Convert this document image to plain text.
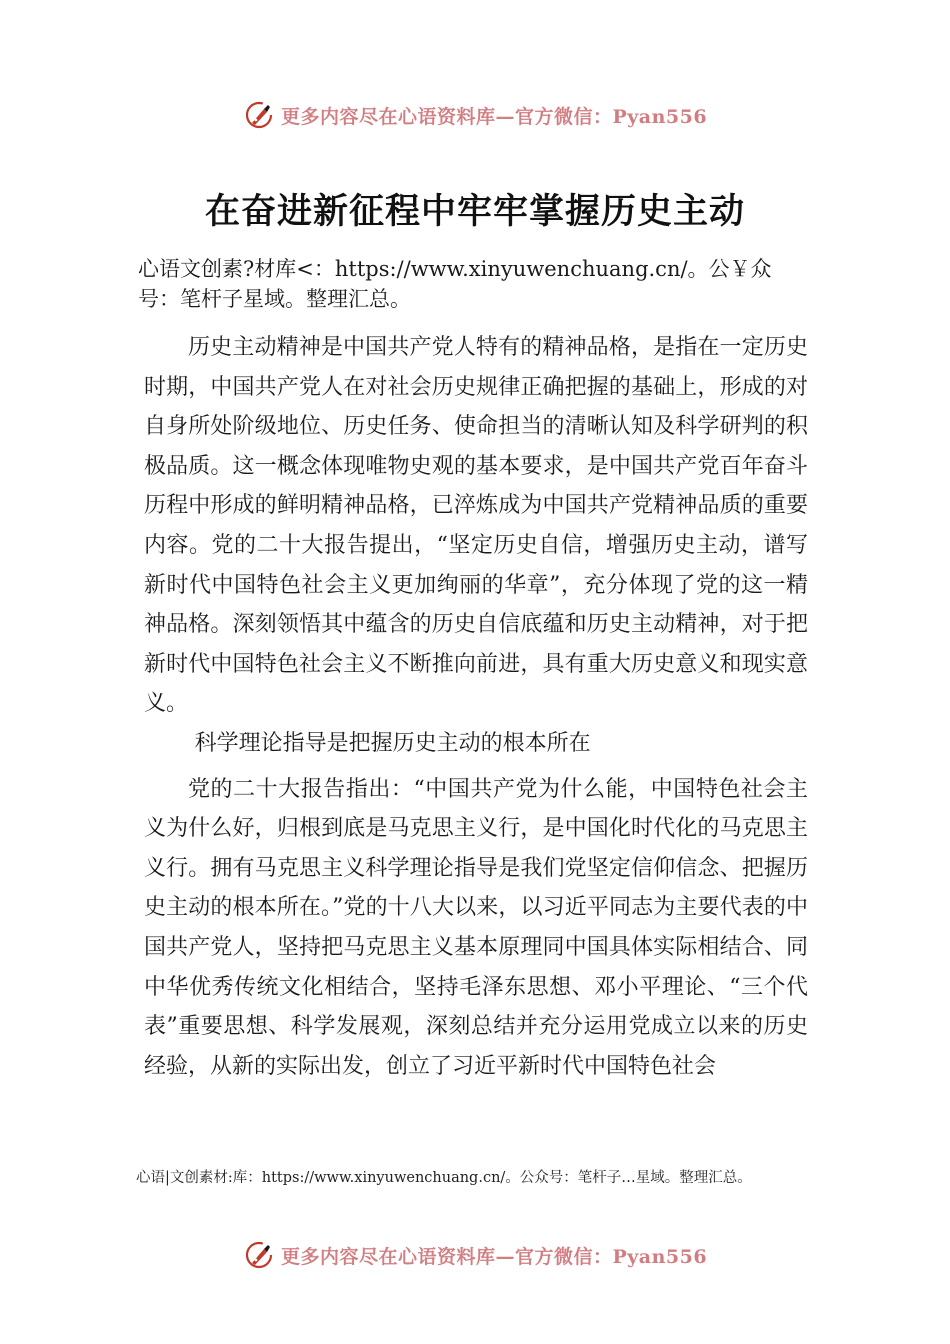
更多内容尽在心语资料库—官方微信：Pyan556
在奋进新征程中牢牢掌握历史主动

心语文创素?材库<：https://www.xinyuwenchuang.cn/。公￥众号：笔杆子星域。整理汇总。

历史主动精神是中国共产党人特有的精神品格，是指在一定历史时期，中国共产党人在对社会历史规律正确把握的基础上，形成的对自身所处阶级地位、历史任务、使命担当的清晰认知及科学研判的积极品质。这一概念体现唯物史观的基本要求，是中国共产党百年奋斗历程中形成的鲜明精神品格，已淬炼成为中国共产党精神品质的重要内容。党的二十大报告提出，“坚定历史自信，增强历史主动，谱写新时代中国特色社会主义更加绚丽的华章”，充分体现了党的这一精神品格。深刻领悟其中蕴含的历史自信底蕴和历史主动精神，对于把新时代中国特色社会主义不断推向前进，具有重大历史意义和现实意义。

科学理论指导是把握历史主动的根本所在

党的二十大报告指出：“中国共产党为什么能，中国特色社会主义为什么好，归根到底是马克思主义行，是中国化时代化的马克思主义行。拥有马克思主义科学理论指导是我们党坚定信仰信念、把握历史主动的根本所在。”党的十八大以来，以习近平同志为主要代表的中国共产党人，坚持把马克思主义基本原理同中国具体实际相结合、同中华优秀传统文化相结合，坚持毛泽东思想、邓小平理论、“三个代表”重要思想、科学发展观，深刻总结并充分运用党成立以来的历史经验，从新的实际出发，创立了习近平新时代中国特色社会

心语|文创素材:库：https://www.xinyuwenchuang.cn/。公众号：笔杆子…星域。整理汇总。

更多内容尽在心语资料库—官方微信：Pyan556
